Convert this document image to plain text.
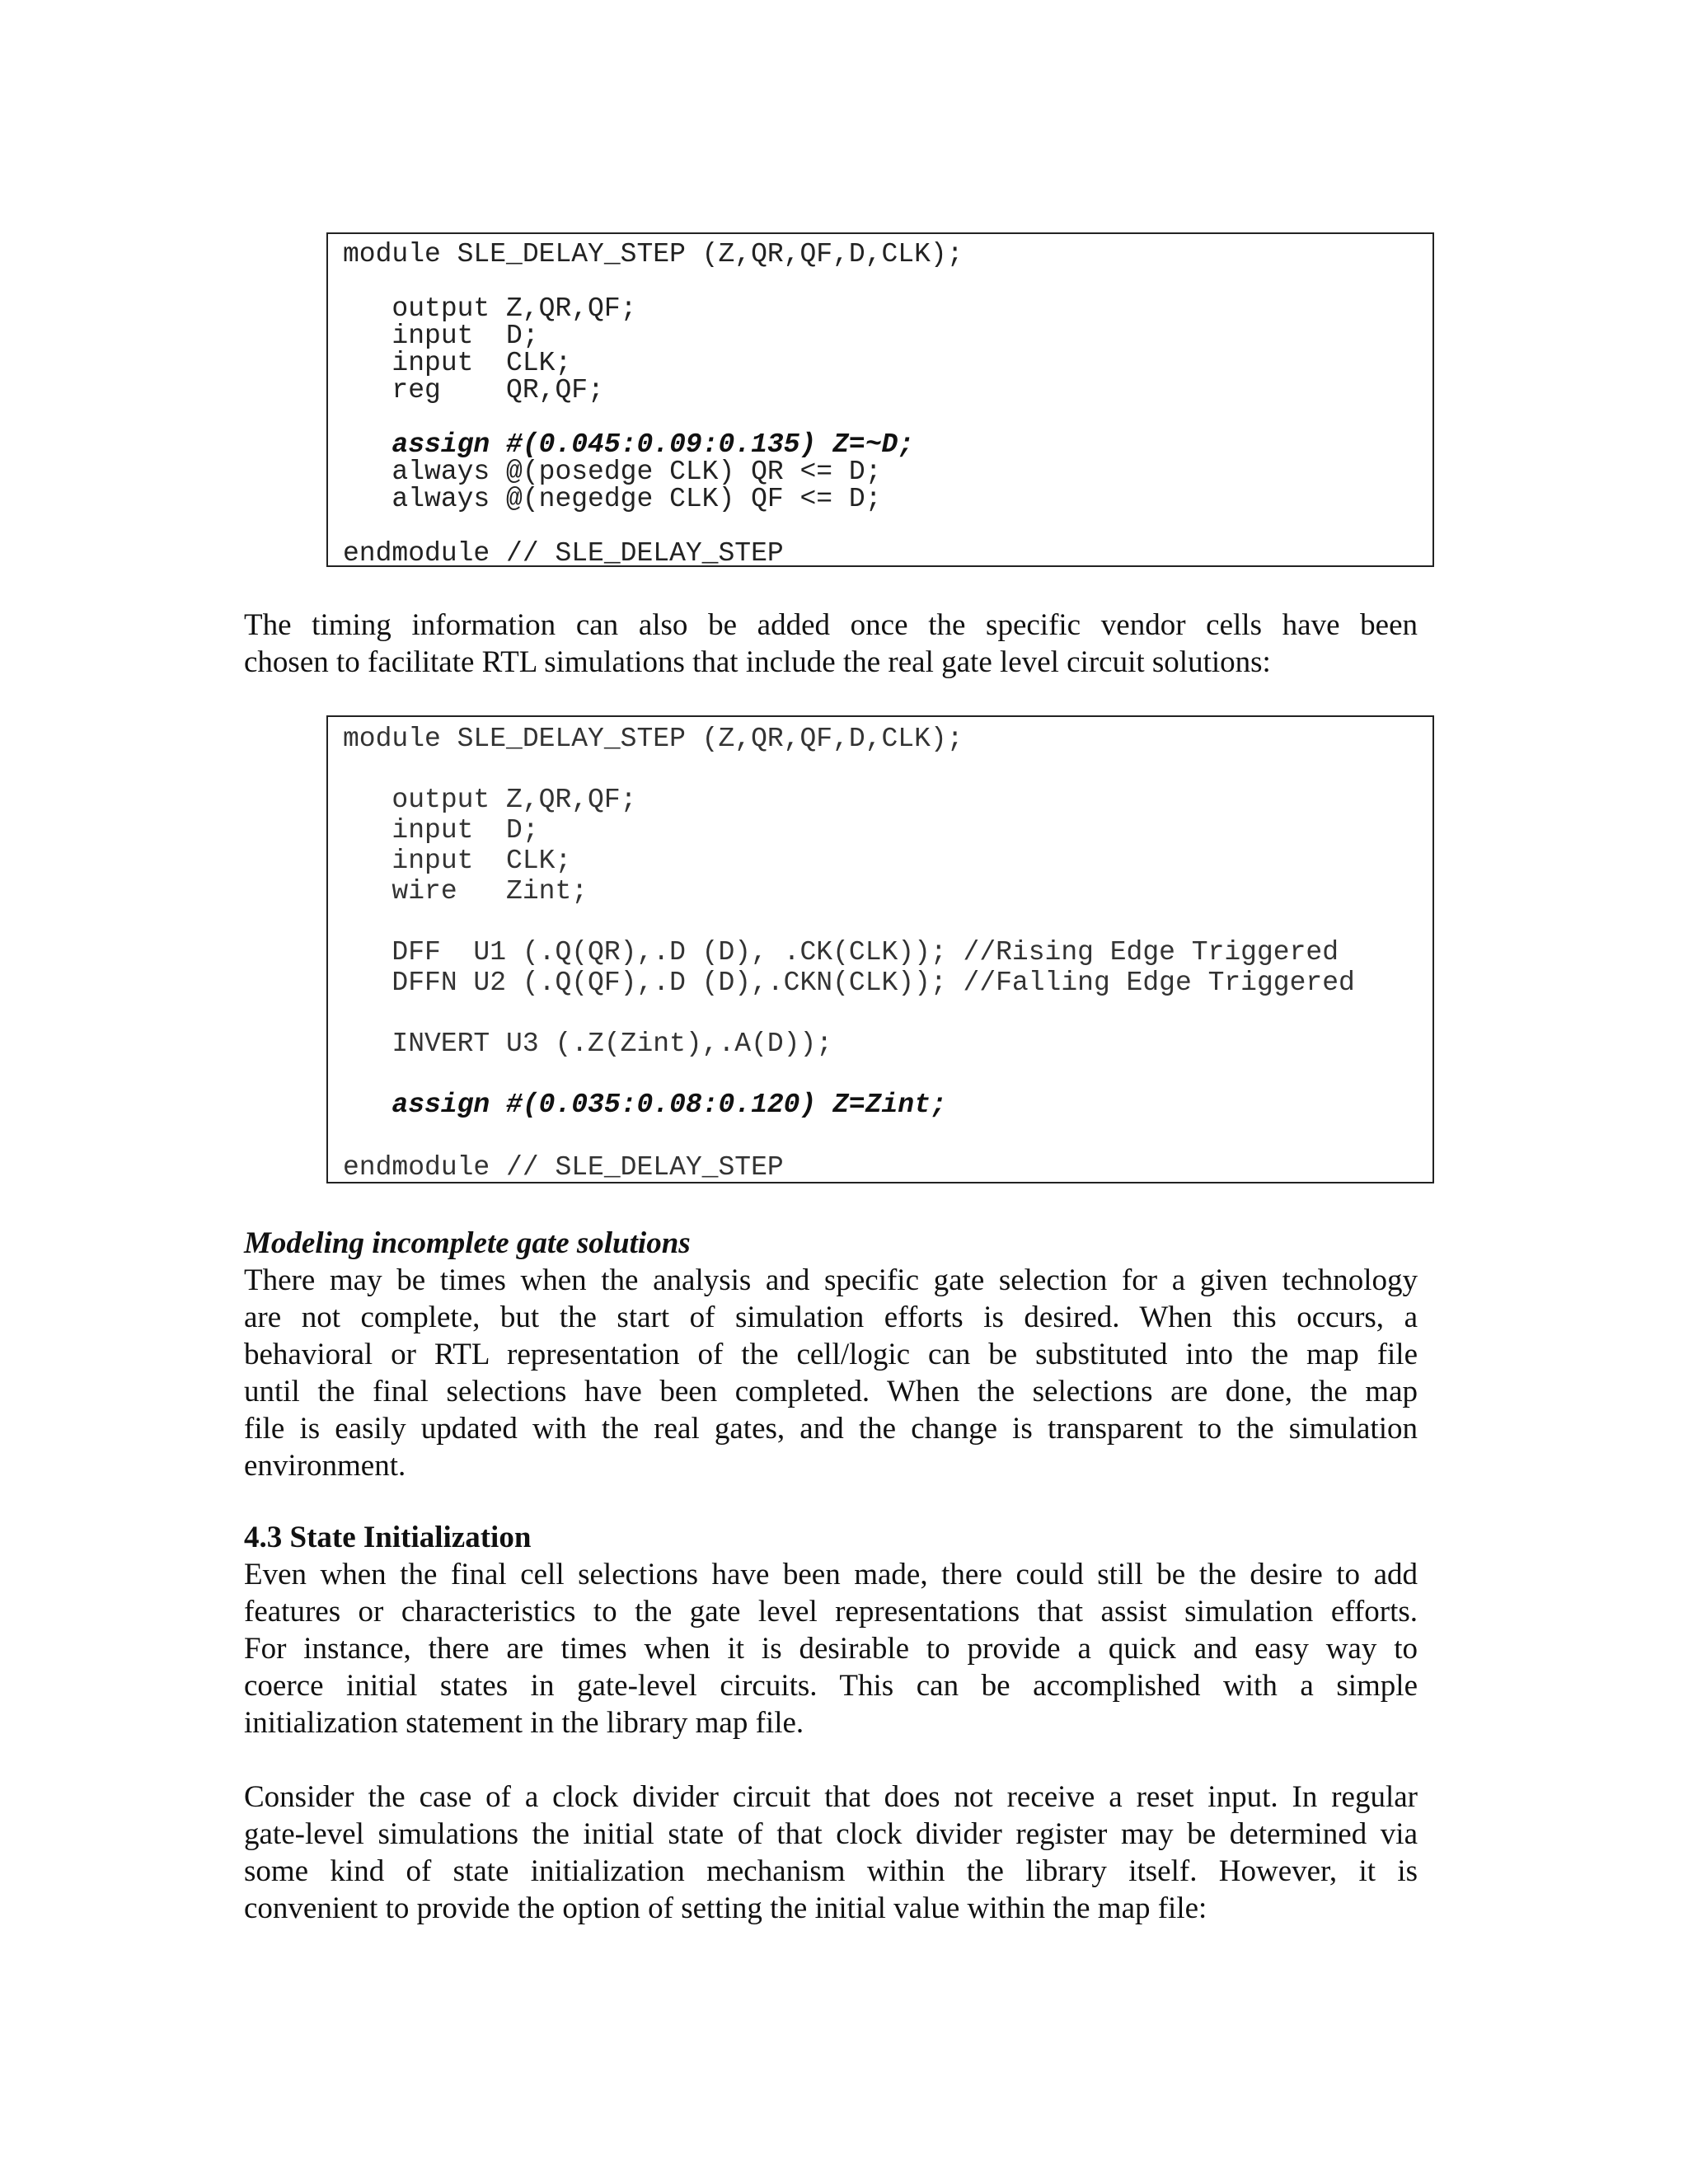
module SLE_DELAY_STEP (Z,QR,QF,D,CLK);
output Z,QR,QF;
input  D;
input  CLK;
reg    QR,QF;
assign #(0.045:0.09:0.135) Z=~D;
always @(posedge CLK) QR <= D;
always @(negedge CLK) QF <= D;
endmodule // SLE_DELAY_STEP
The timing information can also be added once the specific vendor cells have been
chosen to facilitate RTL simulations that include the real gate level circuit solutions:
module SLE_DELAY_STEP (Z,QR,QF,D,CLK);
output Z,QR,QF;
input  D;
input  CLK;
wire   Zint;
DFF  U1 (.Q(QR),.D (D), .CK(CLK)); //Rising Edge Triggered
DFFN U2 (.Q(QF),.D (D),.CKN(CLK)); //Falling Edge Triggered
INVERT U3 (.Z(Zint),.A(D));
assign #(0.035:0.08:0.120) Z=Zint;
endmodule // SLE_DELAY_STEP
Modeling incomplete gate solutions
There may be times when the analysis and specific gate selection for a given technology
are not complete, but the start of simulation efforts is desired. When this occurs, a
behavioral or RTL representation of the cell/logic can be substituted into the map file
until the final selections have been completed. When the selections are done, the map
file is easily updated with the real gates, and the change is transparent to the simulation
environment.
4.3 State Initialization
Even when the final cell selections have been made, there could still be the desire to add
features or characteristics to the gate level representations that assist simulation efforts.
For instance, there are times when it is desirable to provide a quick and easy way to
coerce initial states in gate-level circuits. This can be accomplished with a simple
initialization statement in the library map file.
Consider the case of a clock divider circuit that does not receive a reset input. In regular
gate-level simulations the initial state of that clock divider register may be determined via
some kind of state initialization mechanism within the library itself. However, it is
convenient to provide the option of setting the initial value within the map file:
